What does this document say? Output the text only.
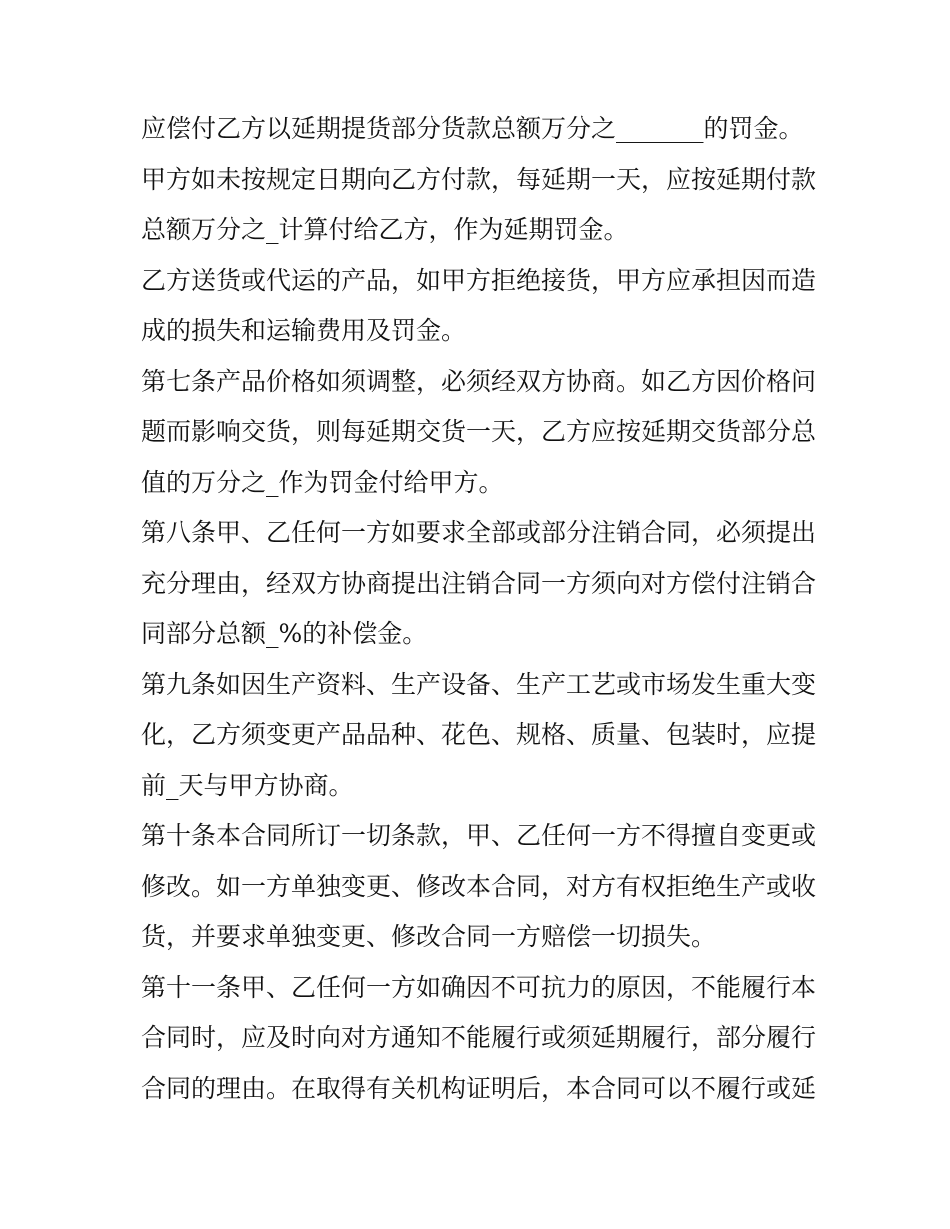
应偿付乙方以延期提货部分货款总额万分之_______的罚金。
甲方如未按规定日期向乙方付款，每延期一天，应按延期付款
总额万分之_计算付给乙方，作为延期罚金。
乙方送货或代运的产品，如甲方拒绝接货，甲方应承担因而造
成的损失和运输费用及罚金。
第七条产品价格如须调整，必须经双方协商。如乙方因价格问
题而影响交货，则每延期交货一天，乙方应按延期交货部分总
值的万分之_作为罚金付给甲方。
第八条甲、乙任何一方如要求全部或部分注销合同，必须提出
充分理由，经双方协商提出注销合同一方须向对方偿付注销合
同部分总额_%的补偿金。
第九条如因生产资料、生产设备、生产工艺或市场发生重大变
化，乙方须变更产品品种、花色、规格、质量、包装时，应提
前_天与甲方协商。
第十条本合同所订一切条款，甲、乙任何一方不得擅自变更或
修改。如一方单独变更、修改本合同，对方有权拒绝生产或收
货，并要求单独变更、修改合同一方赔偿一切损失。
第十一条甲、乙任何一方如确因不可抗力的原因，不能履行本
合同时，应及时向对方通知不能履行或须延期履行，部分履行
合同的理由。在取得有关机构证明后，本合同可以不履行或延
